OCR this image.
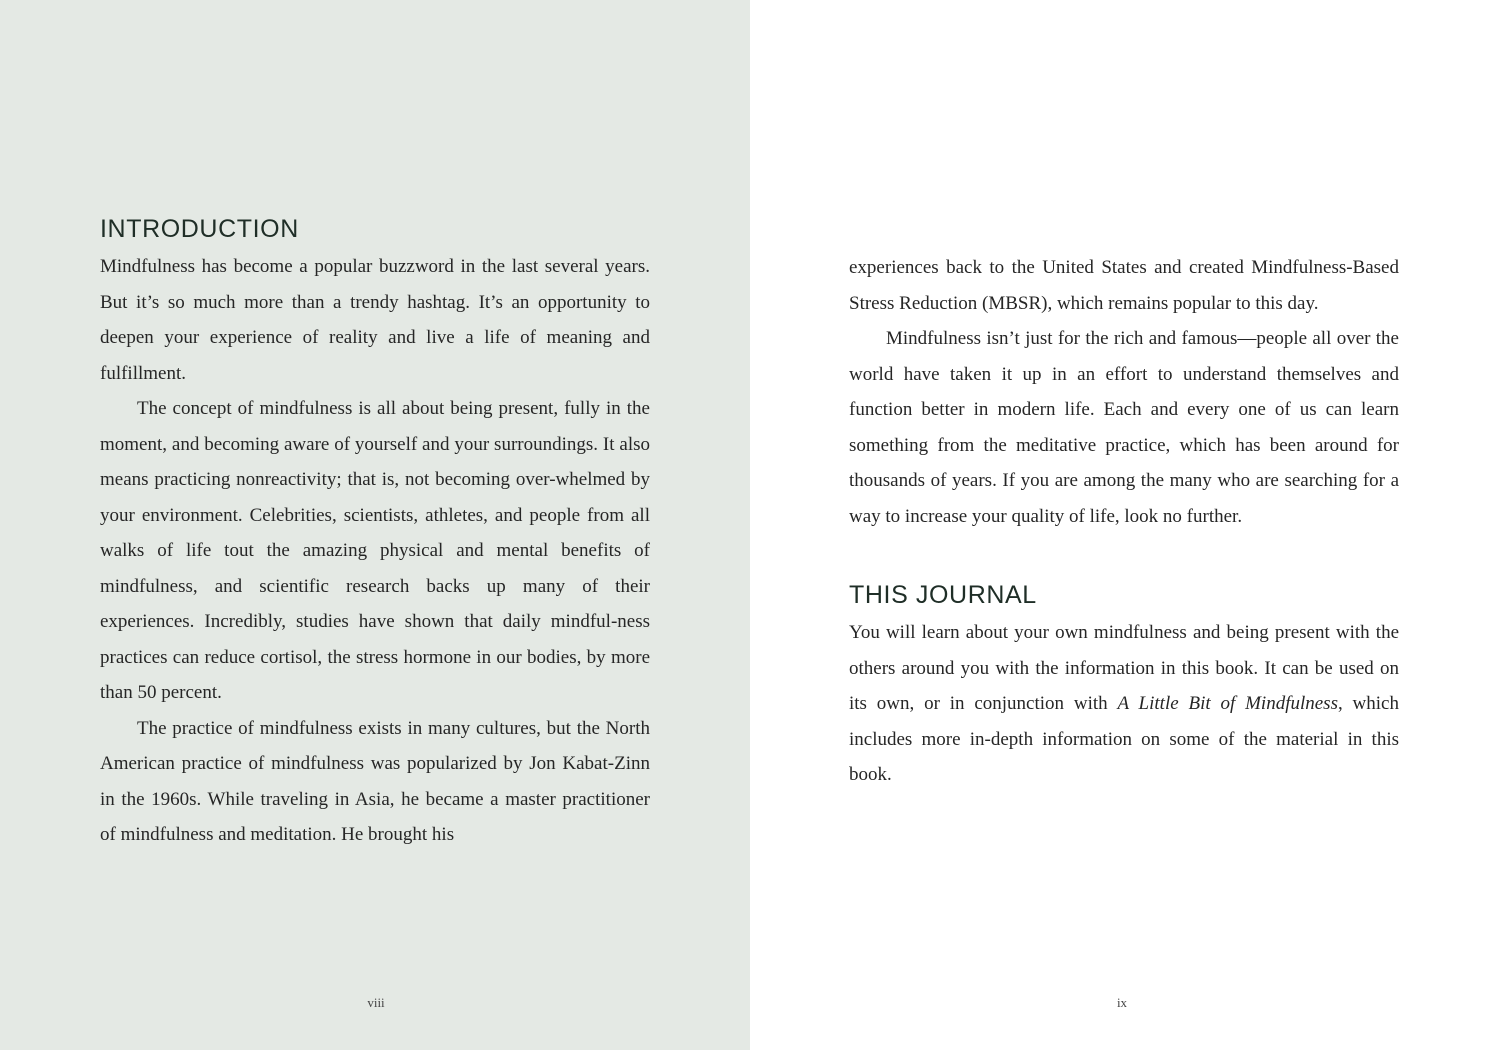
INTRODUCTION

Mindfulness has become a popular buzzword in the last several years. But it’s so much more than a trendy hashtag. It’s an opportunity to deepen your experience of reality and live a life of meaning and fulfillment.

The concept of mindfulness is all about being present, fully in the moment, and becoming aware of yourself and your surroundings. It also means practicing nonreactivity; that is, not becoming over-whelmed by your environment. Celebrities, scientists, athletes, and people from all walks of life tout the amazing physical and mental benefits of mindfulness, and scientific research backs up many of their experiences. Incredibly, studies have shown that daily mindful-ness practices can reduce cortisol, the stress hormone in our bodies, by more than 50 percent.

The practice of mindfulness exists in many cultures, but the North American practice of mindfulness was popularized by Jon Kabat-Zinn in the 1960s. While traveling in Asia, he became a master practitioner of mindfulness and meditation. He brought his

viii

experiences back to the United States and created Mindfulness-Based Stress Reduction (MBSR), which remains popular to this day.

Mindfulness isn’t just for the rich and famous—people all over the world have taken it up in an effort to understand themselves and function better in modern life. Each and every one of us can learn something from the meditative practice, which has been around for thousands of years. If you are among the many who are searching for a way to increase your quality of life, look no further.

THIS JOURNAL

You will learn about your own mindfulness and being present with the others around you with the information in this book. It can be used on its own, or in conjunction with A Little Bit of Mindfulness, which includes more in-depth information on some of the material in this book.

ix
